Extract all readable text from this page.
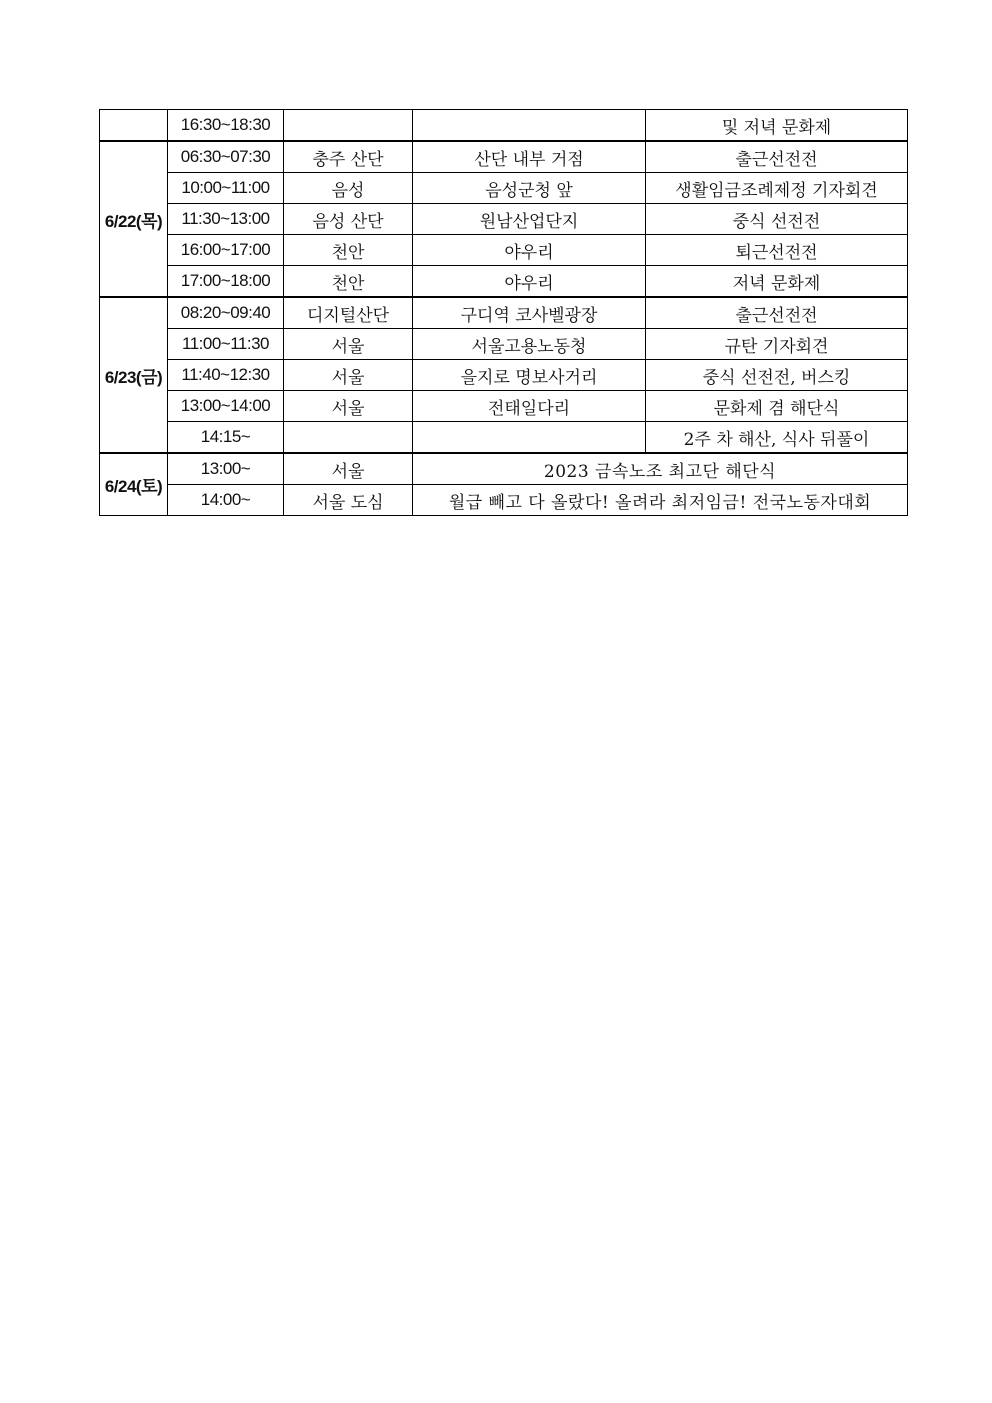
	16:30~18:30			및 저녁 문화제
6/22(목)	06:30~07:30	충주 산단	산단 내부 거점	출근선전전
	10:00~11:00	음성	음성군청 앞	생활임금조례제정 기자회견
	11:30~13:00	음성 산단	원남산업단지	중식 선전전
	16:00~17:00	천안	야우리	퇴근선전전
	17:00~18:00	천안	야우리	저녁 문화제
6/23(금)	08:20~09:40	디지털산단	구디역 코사벨광장	출근선전전
	11:00~11:30	서울	서울고용노동청	규탄 기자회견
	11:40~12:30	서울	을지로 명보사거리	중식 선전전, 버스킹
	13:00~14:00	서울	전태일다리	문화제 겸 해단식
	14:15~			2주 차 해산, 식사 뒤풀이
6/24(토)	13:00~	서울	2023 금속노조 최고단 해단식	
	14:00~	서울 도심	월급 빼고 다 올랐다! 올려라 최저임금! 전국노동자대회	
